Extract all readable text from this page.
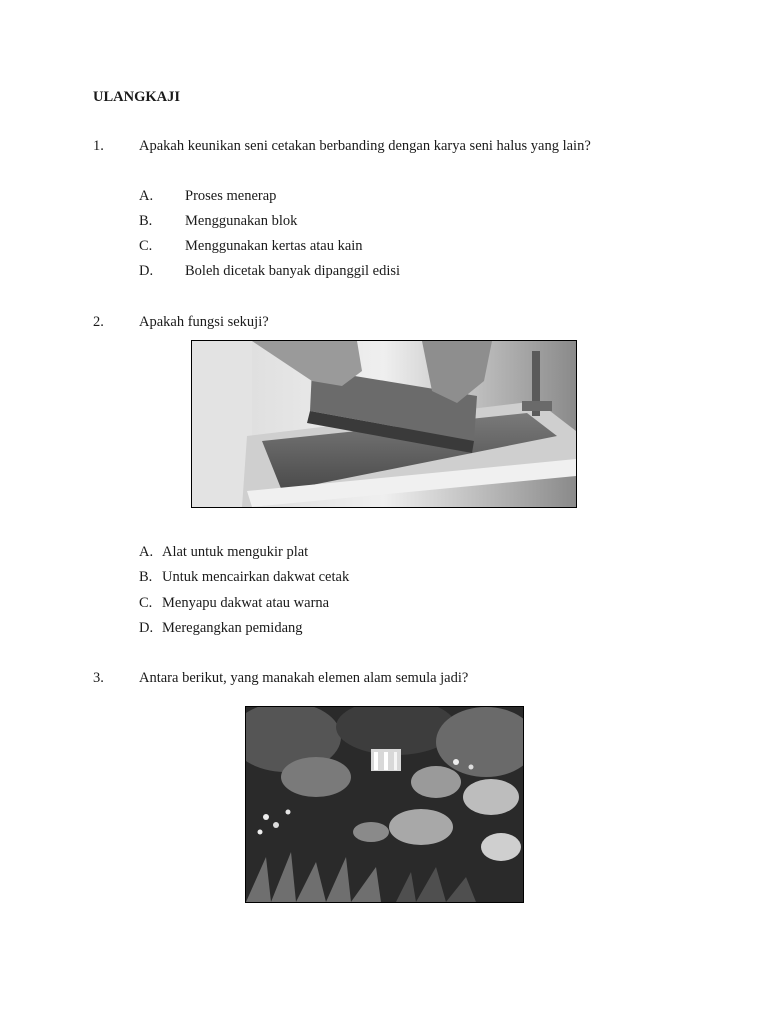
ULANGKAJI
1. Apakah keunikan seni cetakan berbanding dengan karya seni halus yang lain?
A. Proses menerap
B. Menggunakan blok
C. Menggunakan kertas atau kain
D. Boleh dicetak banyak dipanggil edisi
2. Apakah fungsi sekuji?
A. Alat untuk mengukir plat
B. Untuk mencairkan dakwat cetak
C. Menyapu dakwat atau warna
D. Meregangkan pemidang
3. Antara berikut, yang manakah elemen alam semula jadi?
